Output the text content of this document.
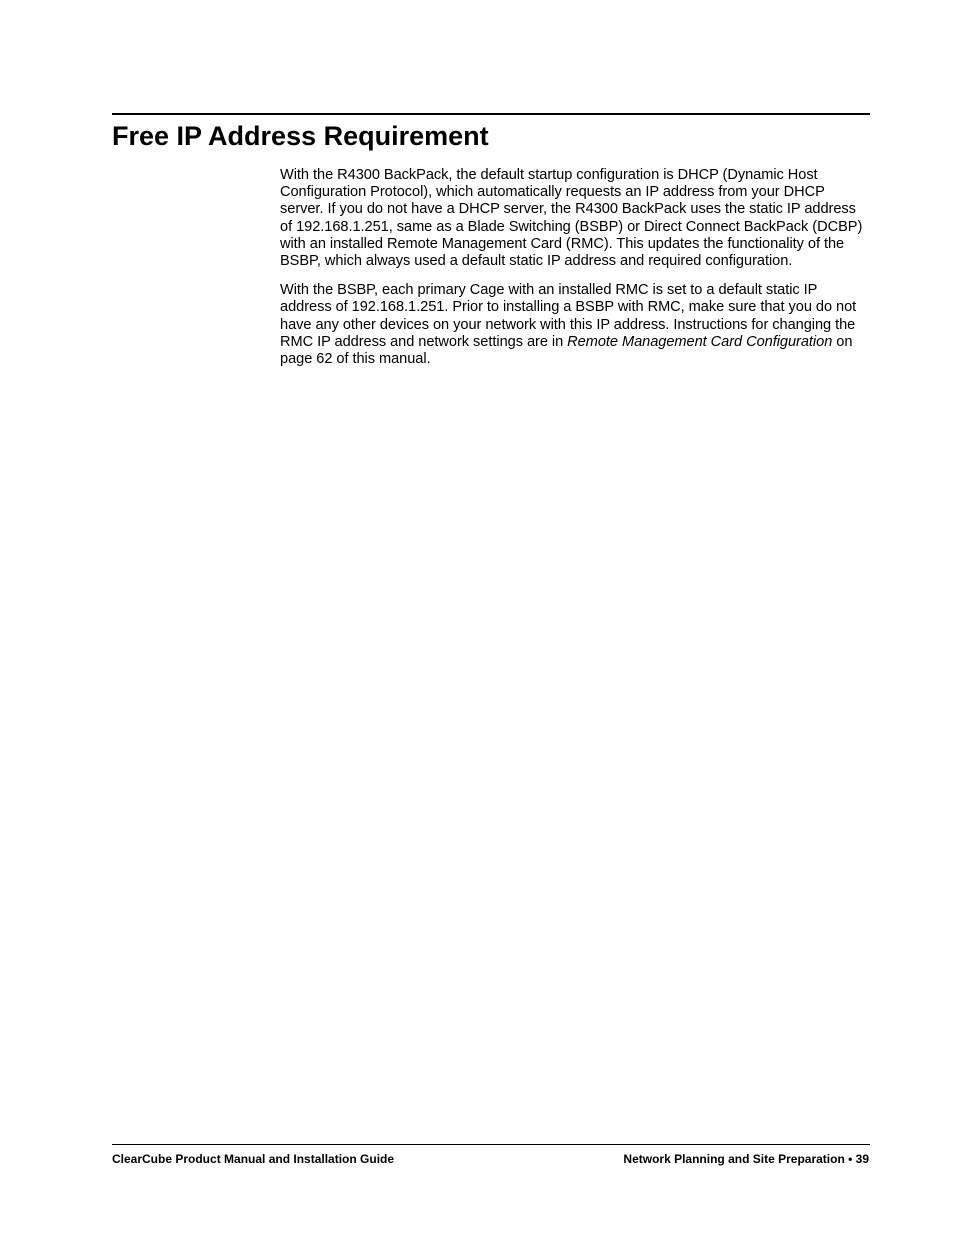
Free IP Address Requirement

With the R4300 BackPack, the default startup configuration is DHCP (Dynamic Host Configuration Protocol), which automatically requests an IP address from your DHCP server. If you do not have a DHCP server, the R4300 BackPack uses the static IP address of 192.168.1.251, same as a Blade Switching (BSBP) or Direct Connect BackPack (DCBP) with an installed Remote Management Card (RMC). This updates the functionality of the BSBP, which always used a default static IP address and required configuration.

With the BSBP, each primary Cage with an installed RMC is set to a default static IP address of 192.168.1.251. Prior to installing a BSBP with RMC, make sure that you do not have any other devices on your network with this IP address. Instructions for changing the RMC IP address and network settings are in Remote Management Card Configuration on page 62 of this manual.

ClearCube Product Manual and Installation Guide	Network Planning and Site Preparation • 39
